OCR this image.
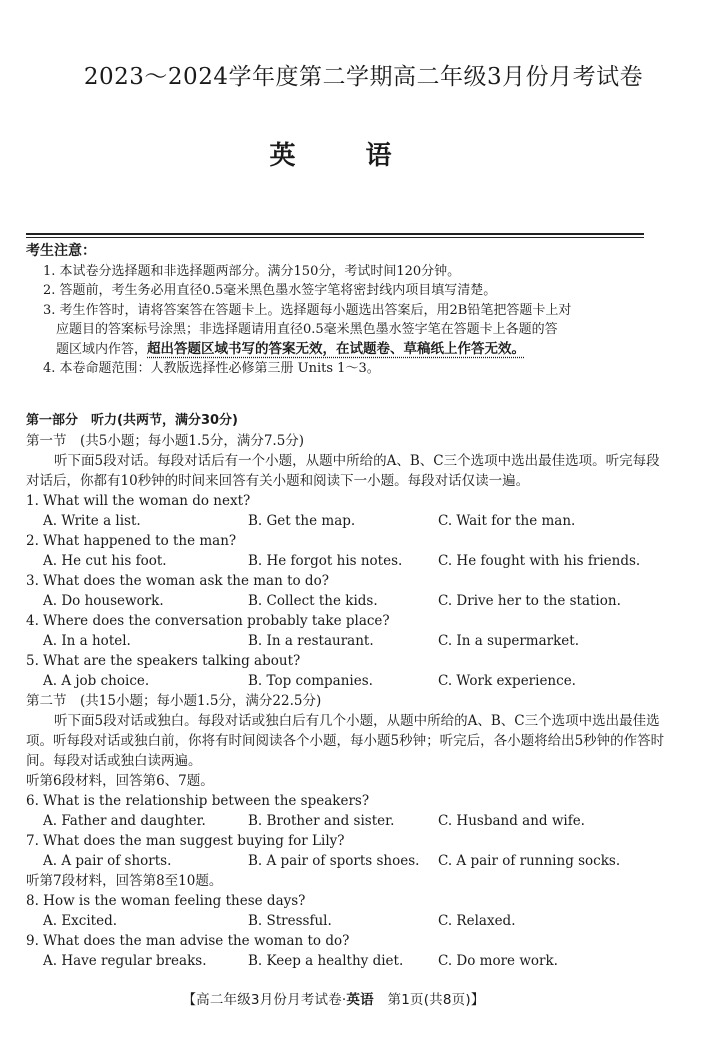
2023～2024学年度第二学期高二年级3月份月考试卷
英 语
考生注意：
1. 本试卷分选择题和非选择题两部分。满分150分，考试时间120分钟。
2. 答题前，考生务必用直径0.5毫米黑色墨水签字笔将密封线内项目填写清楚。
3. 考生作答时，请将答案答在答题卡上。选择题每小题选出答案后，用2B铅笔把答题卡上对
应题目的答案标号涂黑；非选择题请用直径0.5毫米黑色墨水签字笔在答题卡上各题的答
题区域内作答，超出答题区域书写的答案无效，在试题卷、草稿纸上作答无效。
4. 本卷命题范围：人教版选择性必修第三册 Units 1～3。
第一部分　听力(共两节，满分30分)
第一节　(共5小题；每小题1.5分，满分7.5分)
听下面5段对话。每段对话后有一个小题，从题中所给的A、B、C三个选项中选出最佳选项。听完每段对话后，你都有10秒钟的时间来回答有关小题和阅读下一小题。每段对话仅读一遍。
1. What will the woman do next?
A. Write a list.	B. Get the map.	C. Wait for the man.
2. What happened to the man?
A. He cut his foot.	B. He forgot his notes.	C. He fought with his friends.
3. What does the woman ask the man to do?
A. Do housework.	B. Collect the kids.	C. Drive her to the station.
4. Where does the conversation probably take place?
A. In a hotel.	B. In a restaurant.	C. In a supermarket.
5. What are the speakers talking about?
A. A job choice.	B. Top companies.	C. Work experience.
第二节　(共15小题；每小题1.5分，满分22.5分)
听下面5段对话或独白。每段对话或独白后有几个小题，从题中所给的A、B、C三个选项中选出最佳选项。听每段对话或独白前，你将有时间阅读各个小题，每小题5秒钟；听完后，各小题将给出5秒钟的作答时间。每段对话或独白读两遍。
听第6段材料，回答第6、7题。
6. What is the relationship between the speakers?
A. Father and daughter.	B. Brother and sister.	C. Husband and wife.
7. What does the man suggest buying for Lily?
A. A pair of shorts.	B. A pair of sports shoes.	C. A pair of running socks.
听第7段材料，回答第8至10题。
8. How is the woman feeling these days?
A. Excited.	B. Stressful.	C. Relaxed.
9. What does the man advise the woman to do?
A. Have regular breaks.	B. Keep a healthy diet.	C. Do more work.
【高二年级3月份月考试卷·英语　第1页(共8页)】
